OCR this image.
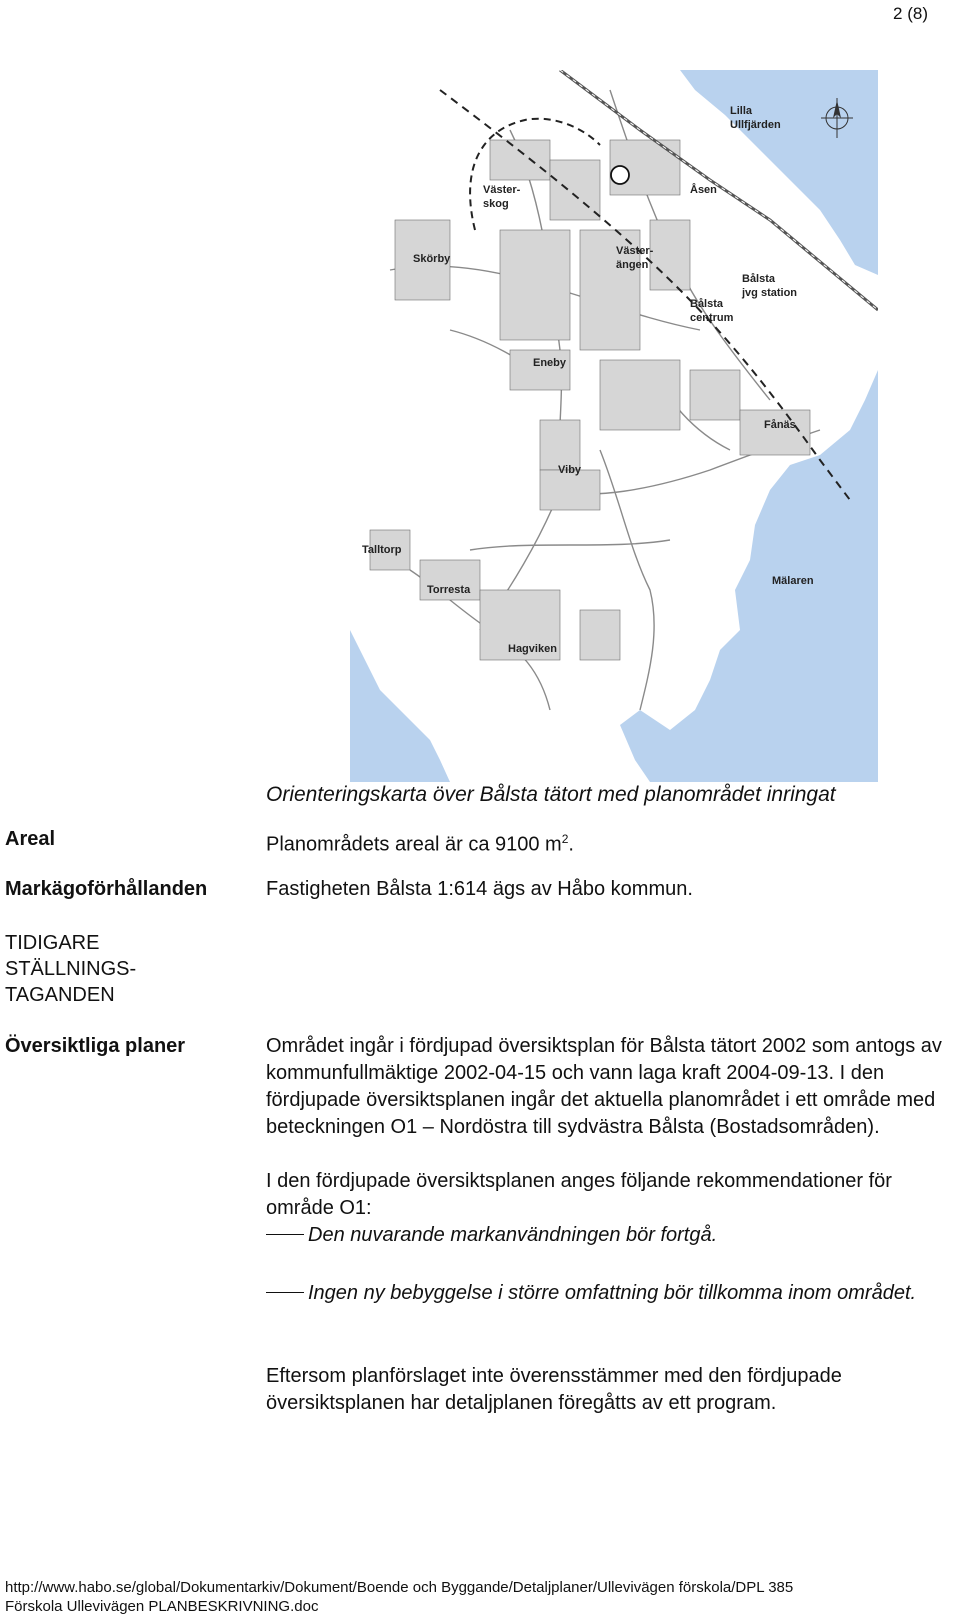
2 (8)
Lilla
Ullfjärden
Väster-
skog
Åsen
Skörby
Väster-
ängen
Bålsta
jvg station
Bålsta
centrum
Eneby
Fånäs
Viby
Talltorp
Mälaren
Torresta
Hagviken
Orienteringskarta över Bålsta tätort med planområdet inringat
Areal	Planområdets areal är ca 9100 $m^2$.
Markägoförhållanden	Fastigheten Bålsta 1:614 ägs av Håbo kommun.
TIDIGARE
STÄLLNINGS-
TAGANDEN
Översiktliga planer	Området ingår i fördjupad översiktsplan för Bålsta tätort 2002 som antogs av kommunfullmäktige 2002-04-15 och vann laga kraft 2004-09-13. I den fördjupade översiktsplanen ingår det aktuella planområdet i ett område med beteckningen O1 – Nordöstra till sydvästra Bålsta (Bostadsområden).
I den fördjupade översiktsplanen anges följande rekommendationer för område O1:
Den nuvarande markanvändningen bör fortgå.
Ingen ny bebyggelse i större omfattning bör tillkomma inom området.
Eftersom planförslaget inte överensstämmer med den fördjupade översiktsplanen har detaljplanen föregåtts av ett program.
http://www.habo.se/global/Dokumentarkiv/Dokument/Boende och Byggande/Detaljplaner/Ullevivägen förskola/DPL 385
Förskola Ullevivägen PLANBESKRIVNING.doc
